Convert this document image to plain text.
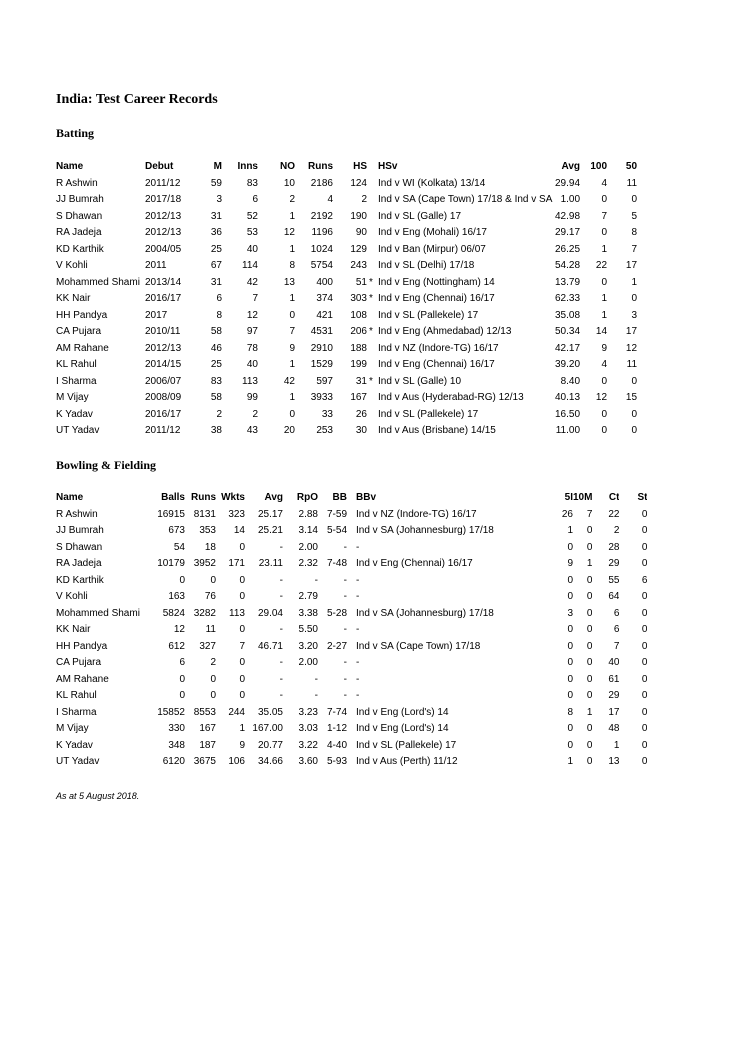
India: Test Career Records
Batting
Name	Debut	M	Inns	NO	Runs	HS		HSv	Avg	100	50
R Ashwin	2011/12	59	83	10	2186	124		Ind v WI (Kolkata) 13/14	29.94	4	11
JJ Bumrah	2017/18	3	6	2	4	2		Ind v SA (Cape Town) 17/18 & Ind v SA	1.00	0	0
S Dhawan	2012/13	31	52	1	2192	190		Ind v SL (Galle) 17	42.98	7	5
RA Jadeja	2012/13	36	53	12	1196	90		Ind v Eng (Mohali) 16/17	29.17	0	8
KD Karthik	2004/05	25	40	1	1024	129		Ind v Ban (Mirpur) 06/07	26.25	1	7
V Kohli	2011	67	114	8	5754	243		Ind v SL (Delhi) 17/18	54.28	22	17
Mohammed Shami	2013/14	31	42	13	400	51	*	Ind v Eng (Nottingham) 14	13.79	0	1
KK Nair	2016/17	6	7	1	374	303	*	Ind v Eng (Chennai) 16/17	62.33	1	0
HH Pandya	2017	8	12	0	421	108		Ind v SL (Pallekele) 17	35.08	1	3
CA Pujara	2010/11	58	97	7	4531	206	*	Ind v Eng (Ahmedabad) 12/13	50.34	14	17
AM Rahane	2012/13	46	78	9	2910	188		Ind v NZ (Indore-TG) 16/17	42.17	9	12
KL Rahul	2014/15	25	40	1	1529	199		Ind v Eng (Chennai) 16/17	39.20	4	11
I Sharma	2006/07	83	113	42	597	31	*	Ind v SL (Galle) 10	8.40	0	0
M Vijay	2008/09	58	99	1	3933	167		Ind v Aus (Hyderabad-RG) 12/13	40.13	12	15
K Yadav	2016/17	2	2	0	33	26		Ind v SL (Pallekele) 17	16.50	0	0
UT Yadav	2011/12	38	43	20	253	30		Ind v Aus (Brisbane) 14/15	11.00	0	0
Bowling & Fielding
Name	Balls	Runs	Wkts	Avg	RpO	BB	BBv	5I	10M	Ct	St
R Ashwin	16915	8131	323	25.17	2.88	7-59	Ind v NZ (Indore-TG) 16/17	26	7	22	0
JJ Bumrah	673	353	14	25.21	3.14	5-54	Ind v SA (Johannesburg) 17/18	1	0	2	0
S Dhawan	54	18	0	-	2.00	-	-	0	0	28	0
RA Jadeja	10179	3952	171	23.11	2.32	7-48	Ind v Eng (Chennai) 16/17	9	1	29	0
KD Karthik	0	0	0	-	-	-	-	0	0	55	6
V Kohli	163	76	0	-	2.79	-	-	0	0	64	0
Mohammed Shami	5824	3282	113	29.04	3.38	5-28	Ind v SA (Johannesburg) 17/18	3	0	6	0
KK Nair	12	11	0	-	5.50	-	-	0	0	6	0
HH Pandya	612	327	7	46.71	3.20	2-27	Ind v SA (Cape Town) 17/18	0	0	7	0
CA Pujara	6	2	0	-	2.00	-	-	0	0	40	0
AM Rahane	0	0	0	-	-	-	-	0	0	61	0
KL Rahul	0	0	0	-	-	-	-	0	0	29	0
I Sharma	15852	8553	244	35.05	3.23	7-74	Ind v Eng (Lord's) 14	8	1	17	0
M Vijay	330	167	1	167.00	3.03	1-12	Ind v Eng (Lord's) 14	0	0	48	0
K Yadav	348	187	9	20.77	3.22	4-40	Ind v SL (Pallekele) 17	0	0	1	0
UT Yadav	6120	3675	106	34.66	3.60	5-93	Ind v Aus (Perth) 11/12	1	0	13	0
As at 5 August 2018.
